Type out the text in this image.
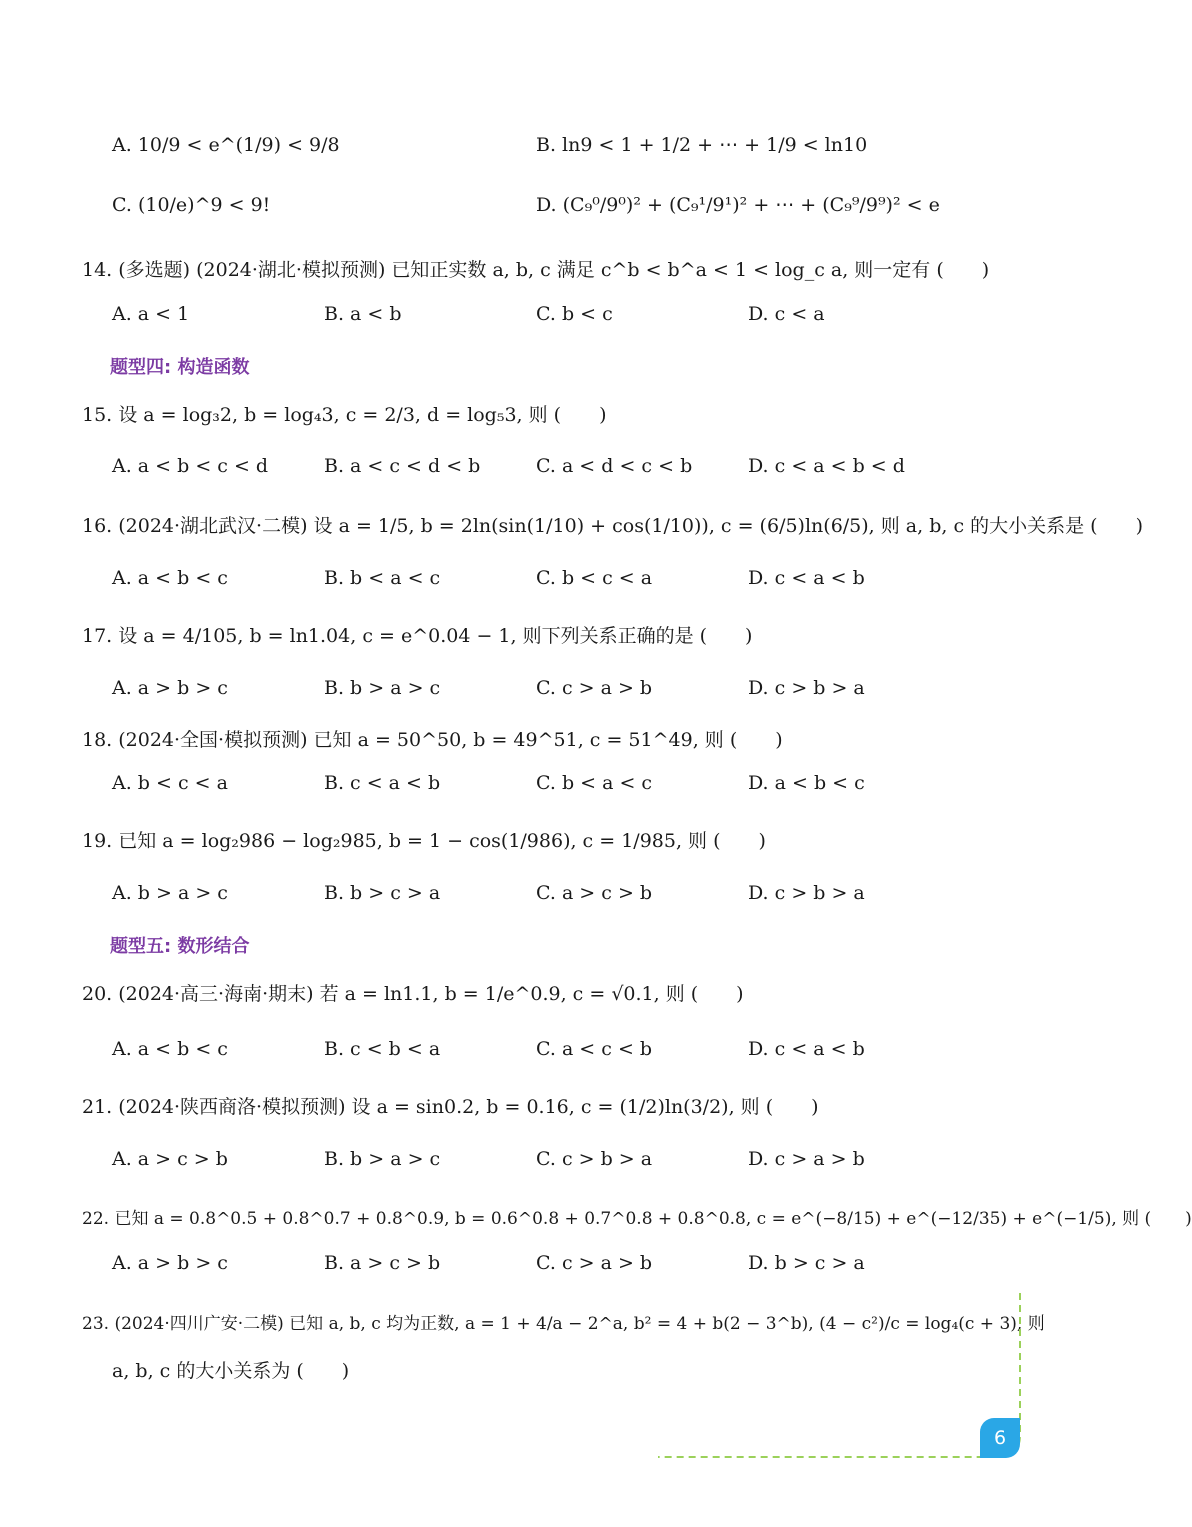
A. 10/9 < e^(1/9) < 9/8	B. ln9 < 1 + 1/2 + ⋯ + 1/9 < ln10
C. (10/e)^9 < 9!	D. (C₉⁰/9⁰)² + (C₉¹/9¹)² + ⋯ + (C₉⁹/9⁹)² < e
14. (多选题) (2024·湖北·模拟预测) 已知正实数 a, b, c 满足 c^b < b^a < 1 < log_c a, 则一定有 (　　)
A. a < 1	B. a < b	C. b < c	D. c < a
题型四: 构造函数
15. 设 a = log₃2, b = log₄3, c = 2/3, d = log₅3, 则 (　　)
A. a < b < c < d	B. a < c < d < b	C. a < d < c < b	D. c < a < b < d
16. (2024·湖北武汉·二模) 设 a = 1/5, b = 2ln(sin(1/10) + cos(1/10)), c = (6/5)ln(6/5), 则 a, b, c 的大小关系是 (　　)
A. a < b < c	B. b < a < c	C. b < c < a	D. c < a < b
17. 设 a = 4/105, b = ln1.04, c = e^0.04 − 1, 则下列关系正确的是 (　　)
A. a > b > c	B. b > a > c	C. c > a > b	D. c > b > a
18. (2024·全国·模拟预测) 已知 a = 50^50, b = 49^51, c = 51^49, 则 (　　)
A. b < c < a	B. c < a < b	C. b < a < c	D. a < b < c
19. 已知 a = log₂986 − log₂985, b = 1 − cos(1/986), c = 1/985, 则 (　　)
A. b > a > c	B. b > c > a	C. a > c > b	D. c > b > a
题型五: 数形结合
20. (2024·高三·海南·期末) 若 a = ln1.1, b = 1/e^0.9, c = √0.1, 则 (　　)
A. a < b < c	B. c < b < a	C. a < c < b	D. c < a < b
21. (2024·陕西商洛·模拟预测) 设 a = sin0.2, b = 0.16, c = (1/2)ln(3/2), 则 (　　)
A. a > c > b	B. b > a > c	C. c > b > a	D. c > a > b
22. 已知 a = 0.8^0.5 + 0.8^0.7 + 0.8^0.9, b = 0.6^0.8 + 0.7^0.8 + 0.8^0.8, c = e^(−8/15) + e^(−12/35) + e^(−1/5), 则 (　　)
A. a > b > c	B. a > c > b	C. c > a > b	D. b > c > a
23. (2024·四川广安·二模) 已知 a, b, c 均为正数, a = 1 + 4/a − 2^a, b² = 4 + b(2 − 3^b), (4 − c²)/c = log₄(c + 3), 则
a, b, c 的大小关系为 (　　)
6
